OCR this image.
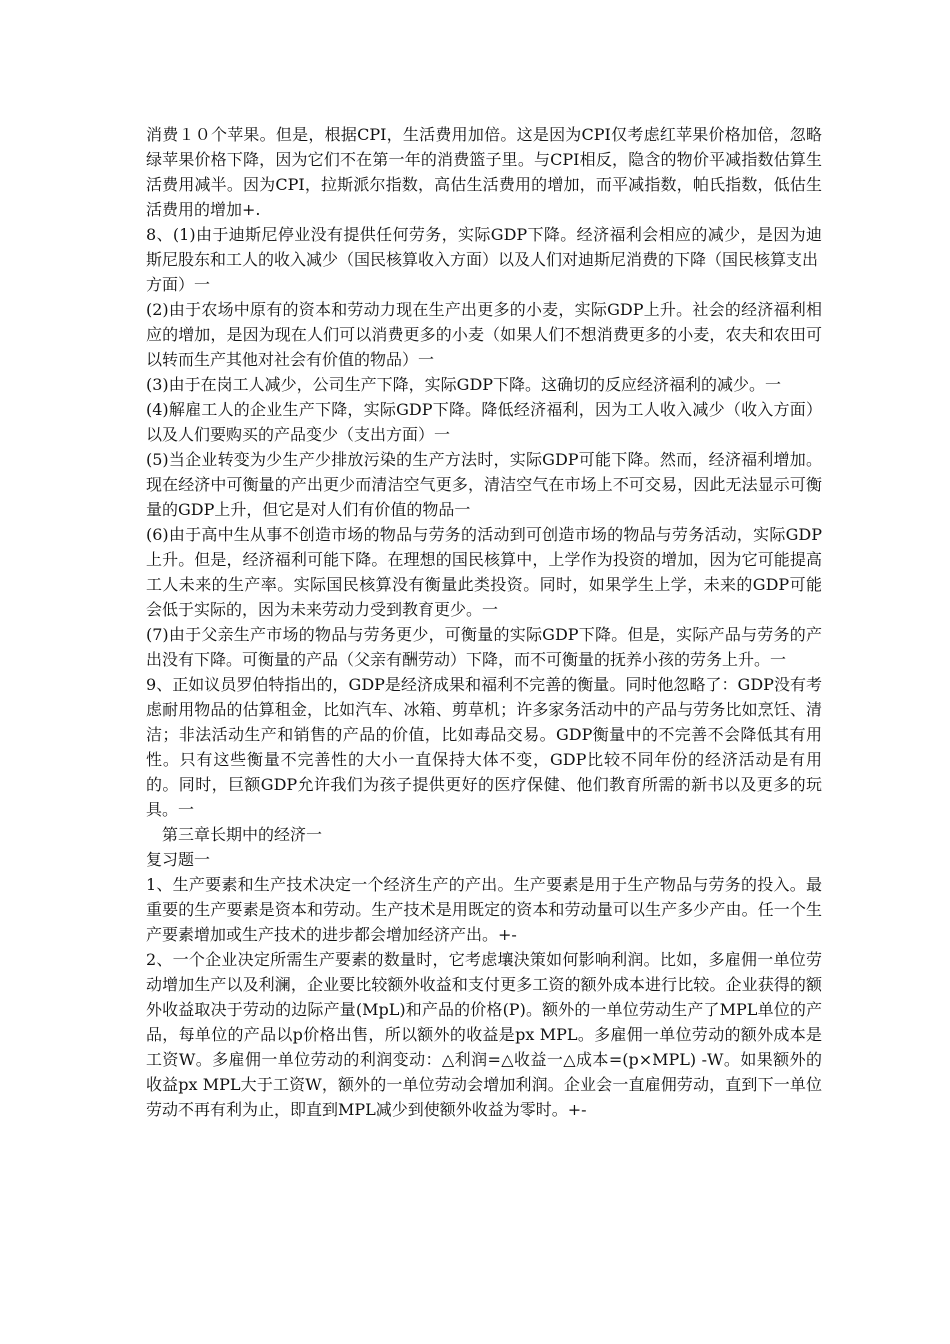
消费１０个苹果。但是，根据CPI，生活费用加倍。这是因为CPI仅考虑红苹果价格加倍，忽略绿苹果价格下降，因为它们不在第一年的消费篮子里。与CPI相反，隐含的物价平减指数估算生活费用减半。因为CPI，拉斯派尔指数，高估生活费用的增加，而平减指数，帕氏指数，低估生活费用的增加+.

8、(1)由于迪斯尼停业没有提供任何劳务，实际GDP下降。经济福利会相应的减少，是因为迪斯尼股东和工人的收入减少（国民核算收入方面）以及人们对迪斯尼消费的下降（国民核算支出

方面）一

(2)由于农场中原有的资本和劳动力现在生产出更多的小麦，实际GDP上升。社会的经济福利相应的增加，是因为现在人们可以消费更多的小麦（如果人们不想消费更多的小麦，农夫和农田可以转而生产其他对社会有价值的物品）一

(3)由于在岗工人减少，公司生产下降，实际GDP下降。这确切的反应经济福利的减少。一

(4)解雇工人的企业生产下降，实际GDP下降。降低经济福利，因为工人收入减少（收入方面）以及人们要购买的产品变少（支出方面）一

(5)当企业转变为少生产少排放污染的生产方法时，实际GDP可能下降。然而，经济福利增加。现在经济中可衡量的产出更少而清洁空气更多，清洁空气在市场上不可交易，因此无法显示可衡量的GDP上升，但它是对人们有价值的物品一

(6)由于高中生从事不创造市场的物品与劳务的活动到可创造市场的物品与劳务活动，实际GDP上升。但是，经济福利可能下降。在理想的国民核算中，上学作为投资的增加，因为它可能提高工人未来的生产率。实际国民核算没有衡量此类投资。同时，如果学生上学，未来的GDP可能会低于实际的，因为未来劳动力受到教育更少。一

(7)由于父亲生产市场的物品与劳务更少，可衡量的实际GDP下降。但是，实际产品与劳务的产出没有下降。可衡量的产品（父亲有酬劳动）下降，而不可衡量的抚养小孩的劳务上升。一

9、正如议员罗伯特指出的，GDP是经济成果和福利不完善的衡量。同时他忽略了：GDP没有考虑耐用物品的估算租金，比如汽车、冰箱、剪草机；许多家务活动中的产品与劳务比如烹饪、清洁；非法活动生产和销售的产品的价值，比如毒品交易。GDP衡量中的不完善不会降低其有用性。只有这些衡量不完善性的大小一直保持大体不变，GDP比较不同年份的经济活动是有用的。同时，巨额GDP允许我们为孩子提供更好的医疗保健、他们教育所需的新书以及更多的玩具。一

第三章长期中的经济一

复习题一

1、生产要素和生产技术决定一个经济生产的产出。生产要素是用于生产物品与劳务的投入。最重要的生产要素是资本和劳动。生产技术是用既定的资本和劳动量可以生产多少产由。任一个生产要素增加或生产技术的进步都会增加经济产出。+-

2、一个企业决定所需生产要素的数量时，它考虑壤決策如何影响利润。比如，多雇佣一单位劳动增加生产以及利澜，企业要比较额外收益和支付更多工资的额外成本进行比较。企业获得的额外收益取决于劳动的边际产量(MpL)和产品的价格(P)。额外的一单位劳动生产了MPL单位的产品，每单位的产品以p价格出售，所以额外的收益是px MPL。多雇佣一单位劳动的额外成本是工资W。多雇佣一单位劳动的利润变动：△利润=△收益一△成本=(p×MPL) -W。如果额外的收益px MPL大于工资W，额外的一单位劳动会增加利润。企业会一直雇佣劳动，直到下一单位劳动不再有利为止，即直到MPL减少到使额外收益为零时。+-
